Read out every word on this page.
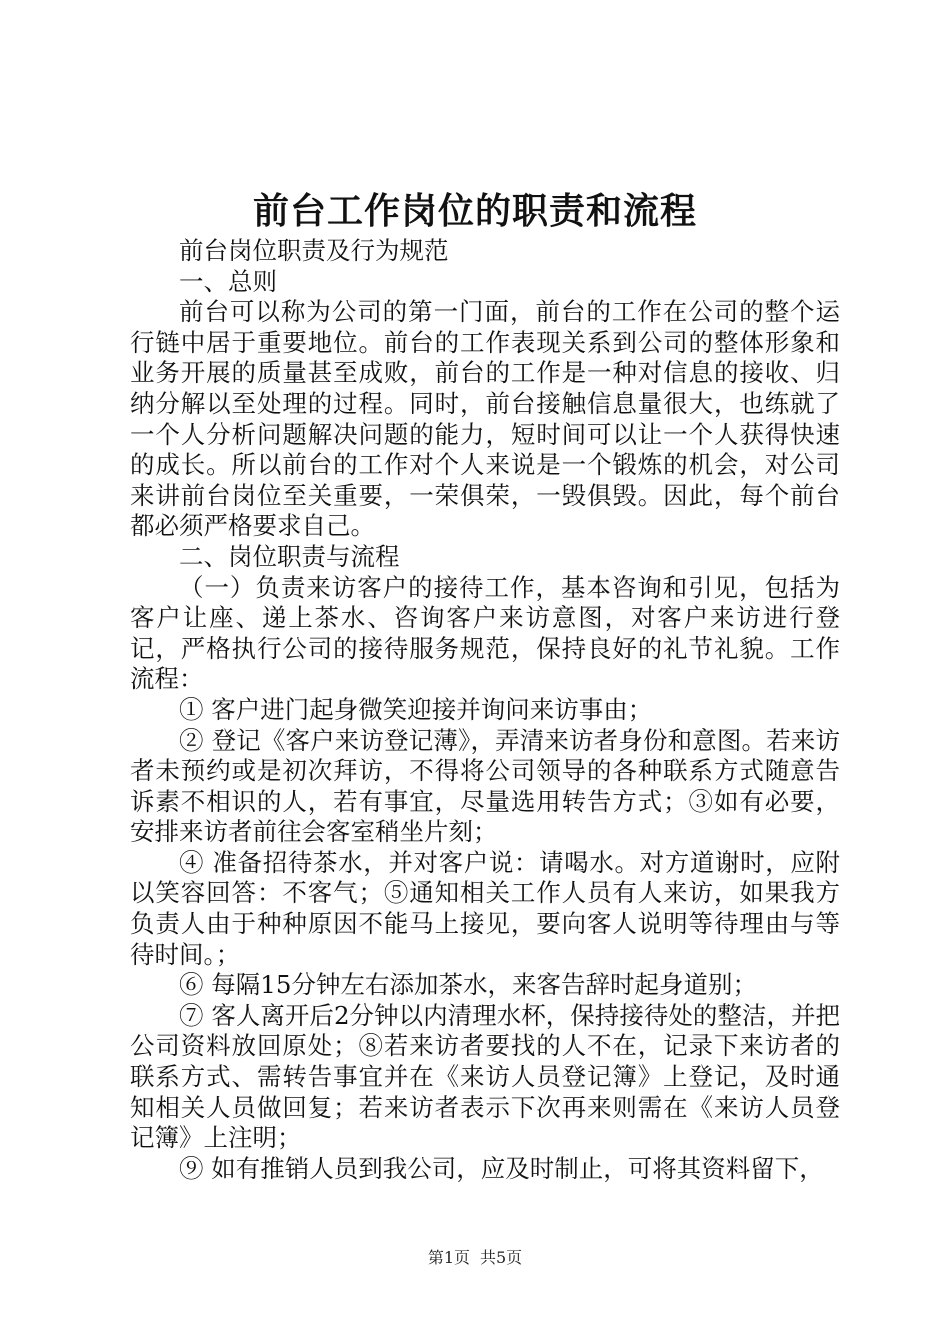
前台工作岗位的职责和流程

前台岗位职责及行为规范

一、总则

前台可以称为公司的第一门面，前台的工作在公司的整个运行链中居于重要地位。前台的工作表现关系到公司的整体形象和业务开展的质量甚至成败，前台的工作是一种对信息的接收、归纳分解以至处理的过程。同时，前台接触信息量很大，也练就了一个人分析问题解决问题的能力，短时间可以让一个人获得快速的成长。所以前台的工作对个人来说是一个锻炼的机会，对公司来讲前台岗位至关重要，一荣俱荣，一毁俱毁。因此，每个前台都必须严格要求自己。

二、岗位职责与流程

（一）负责来访客户的接待工作，基本咨询和引见，包括为客户让座、递上茶水、咨询客户来访意图，对客户来访进行登记，严格执行公司的接待服务规范，保持良好的礼节礼貌。工作流程：

① 客户进门起身微笑迎接并询问来访事由；

② 登记《客户来访登记薄》，弄清来访者身份和意图。若来访者未预约或是初次拜访，不得将公司领导的各种联系方式随意告诉素不相识的人，若有事宜，尽量选用转告方式；③如有必要，安排来访者前往会客室稍坐片刻；

④ 准备招待茶水，并对客户说：请喝水。对方道谢时，应附以笑容回答：不客气；⑤通知相关工作人员有人来访，如果我方负责人由于种种原因不能马上接见，要向客人说明等待理由与等待时间。；

⑥ 每隔15分钟左右添加茶水，来客告辞时起身道别；

⑦ 客人离开后2分钟以内清理水杯，保持接待处的整洁，并把公司资料放回原处；⑧若来访者要找的人不在，记录下来访者的联系方式、需转告事宜并在《来访人员登记簿》上登记，及时通知相关人员做回复；若来访者表示下次再来则需在《来访人员登记簿》上注明；

⑨ 如有推销人员到我公司，应及时制止，可将其资料留下，

第1页 共5页
